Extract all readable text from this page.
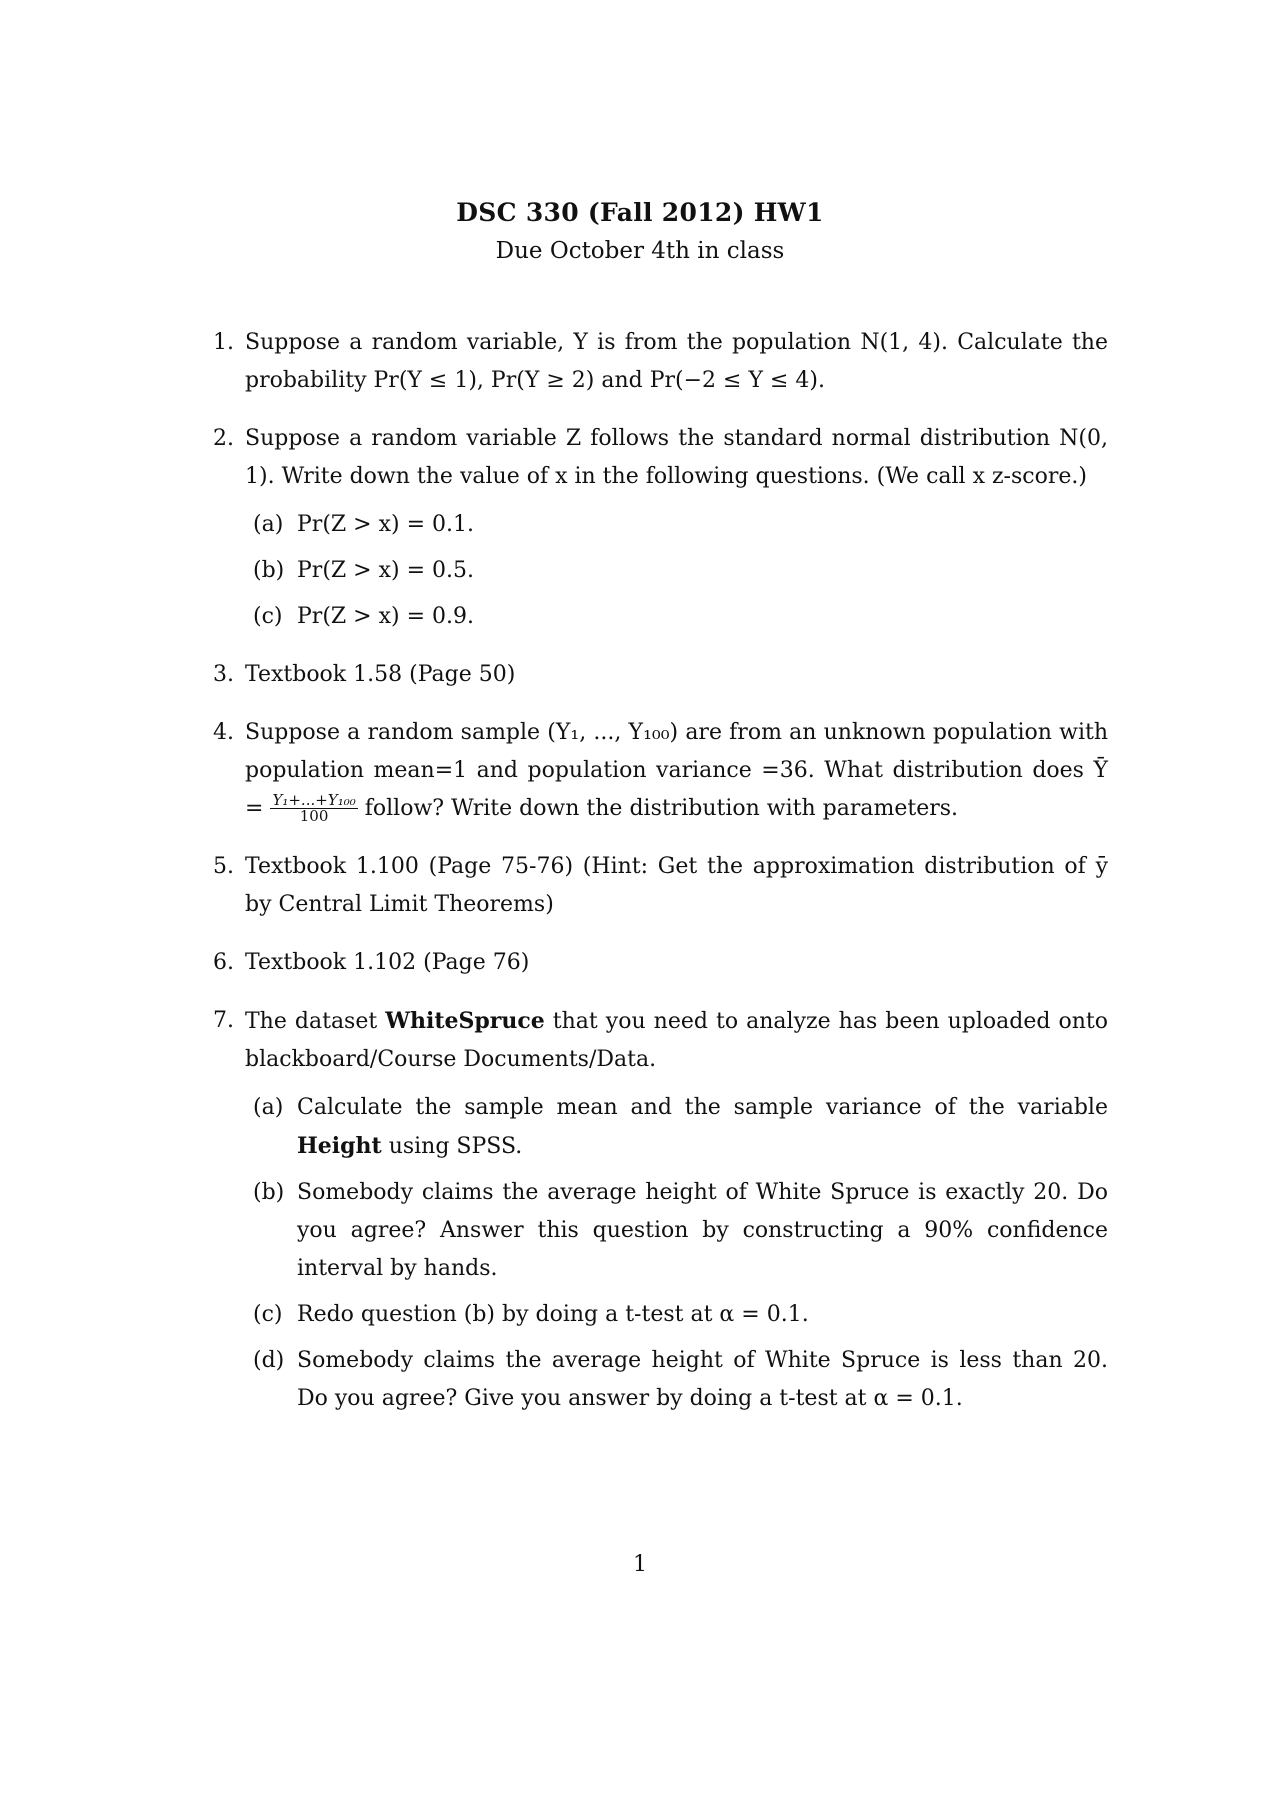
DSC 330 (Fall 2012) HW1
Due October 4th in class
1. Suppose a random variable, Y is from the population N(1, 4). Calculate the probability Pr(Y ≤ 1), Pr(Y ≥ 2) and Pr(−2 ≤ Y ≤ 4).
2. Suppose a random variable Z follows the standard normal distribution N(0, 1). Write down the value of x in the following questions. (We call x z-score.)
(a) Pr(Z > x) = 0.1.
(b) Pr(Z > x) = 0.5.
(c) Pr(Z > x) = 0.9.
3. Textbook 1.58 (Page 50)
4. Suppose a random sample (Y₁, ..., Y₁₀₀) are from an unknown population with population mean=1 and population variance =36. What distribution does Ȳ = $\frac{\text{Y₁+...+Y₁₀₀}}{100}$ follow? Write down the distribution with parameters.
5. Textbook 1.100 (Page 75-76) (Hint: Get the approximation distribution of ȳ by Central Limit Theorems)
6. Textbook 1.102 (Page 76)
7. The dataset WhiteSpruce that you need to analyze has been uploaded onto blackboard/Course Documents/Data.
(a) Calculate the sample mean and the sample variance of the variable Height using SPSS.
(b) Somebody claims the average height of White Spruce is exactly 20. Do you agree? Answer this question by constructing a 90% confidence interval by hands.
(c) Redo question (b) by doing a t-test at α = 0.1.
(d) Somebody claims the average height of White Spruce is less than 20. Do you agree? Give you answer by doing a t-test at α = 0.1.
1
